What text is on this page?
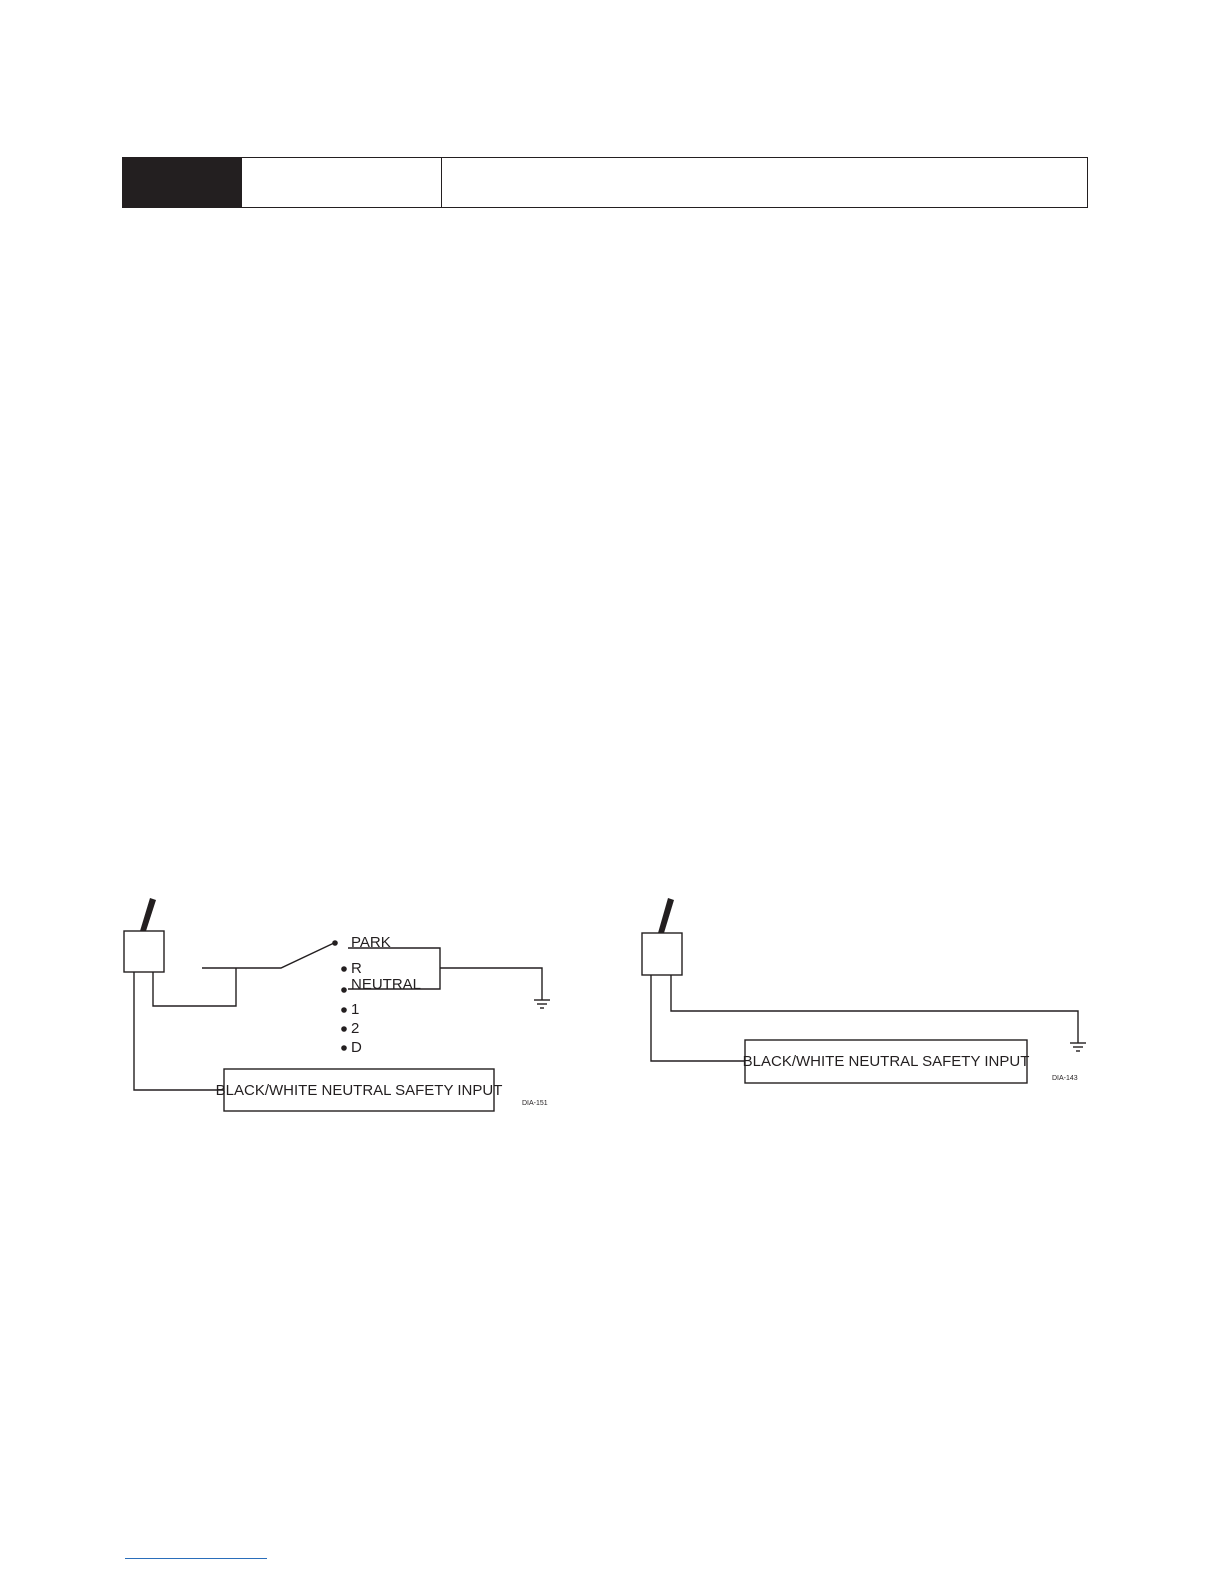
PARK
R
NEUTRAL
1
2
D
BLACK/WHITE NEUTRAL SAFETY INPUT
DIA-151
BLACK/WHITE NEUTRAL SAFETY INPUT
DIA-143
